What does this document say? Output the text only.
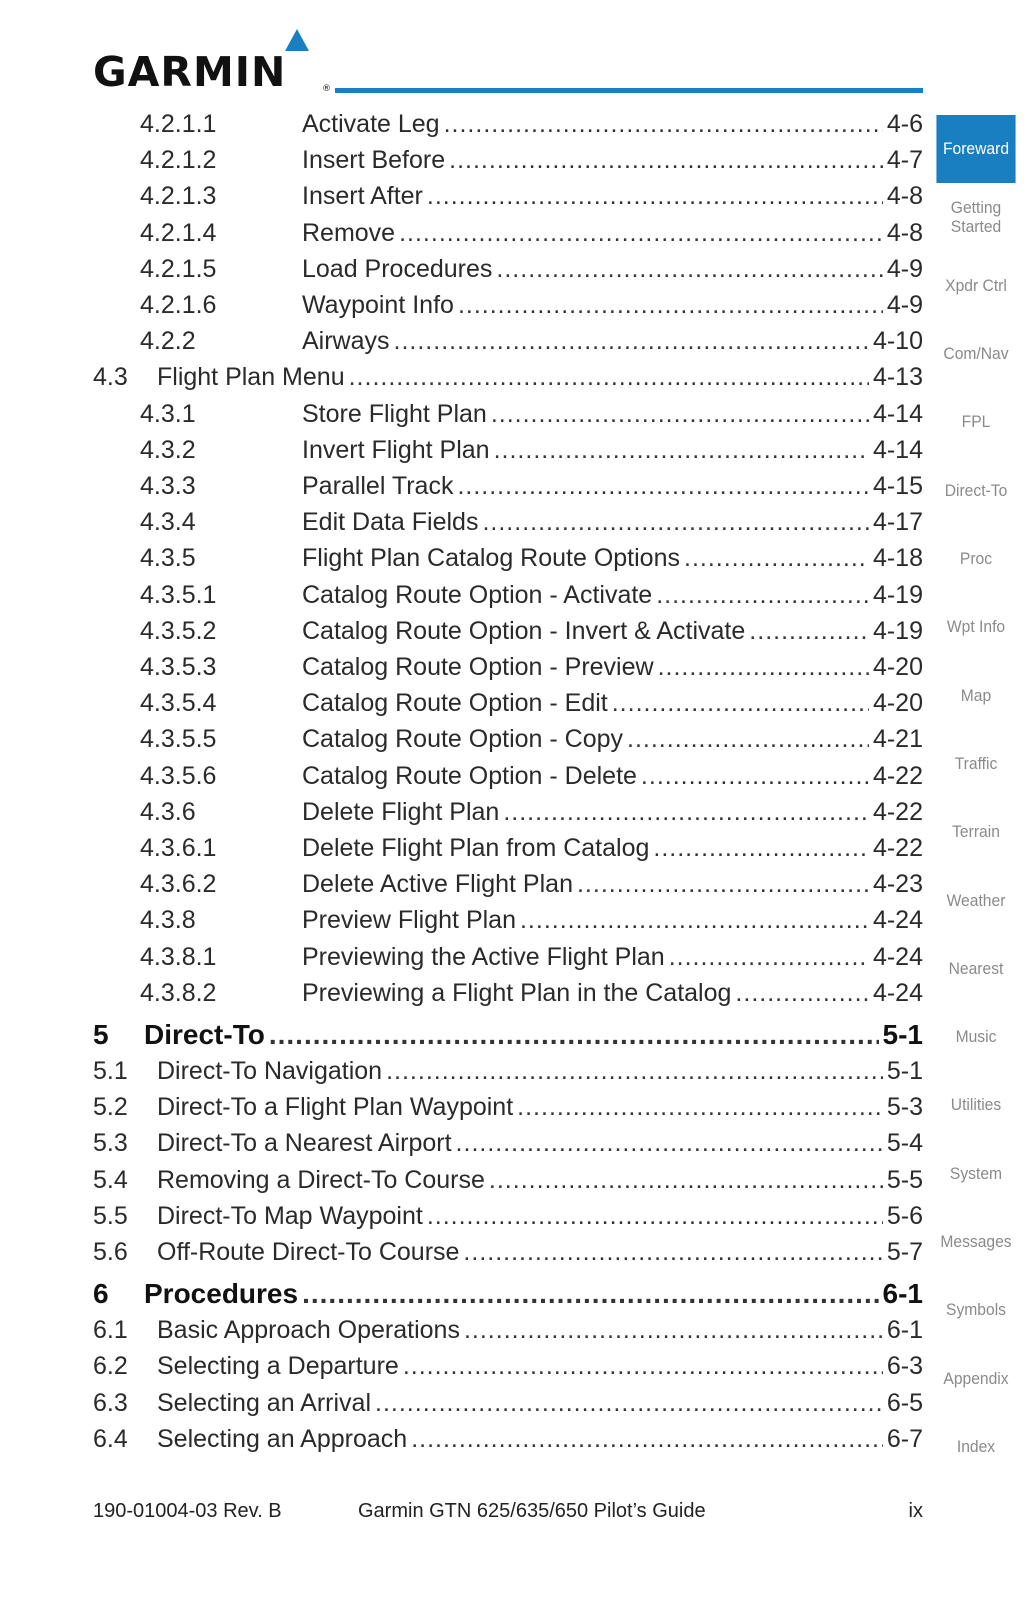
GARMIN	®
4.2.1.1	Activate Leg .....	4-6
4.2.1.2	Insert Before .....	4-7
4.2.1.3	Insert After .....	4-8
4.2.1.4	Remove .....	4-8
4.2.1.5	Load Procedures .....	4-9
4.2.1.6	Waypoint Info .....	4-9
4.2.2	Airways .....	4-10
4.3	Flight Plan Menu .....	4-13
4.3.1	Store Flight Plan .....	4-14
4.3.2	Invert Flight Plan .....	4-14
4.3.3	Parallel Track .....	4-15
4.3.4	Edit Data Fields .....	4-17
4.3.5	Flight Plan Catalog Route Options .....	4-18
4.3.5.1	Catalog Route Option - Activate .....	4-19
4.3.5.2	Catalog Route Option - Invert & Activate .....	4-19
4.3.5.3	Catalog Route Option - Preview .....	4-20
4.3.5.4	Catalog Route Option - Edit .....	4-20
4.3.5.5	Catalog Route Option - Copy .....	4-21
4.3.5.6	Catalog Route Option - Delete .....	4-22
4.3.6	Delete Flight Plan .....	4-22
4.3.6.1	Delete Flight Plan from Catalog .....	4-22
4.3.6.2	Delete Active Flight Plan .....	4-23
4.3.8	Preview Flight Plan .....	4-24
4.3.8.1	Previewing the Active Flight Plan .....	4-24
4.3.8.2	Previewing a Flight Plan in the Catalog .....	4-24
5	Direct-To .....	5-1
5.1	Direct-To Navigation .....	5-1
5.2	Direct-To a Flight Plan Waypoint .....	5-3
5.3	Direct-To a Nearest Airport .....	5-4
5.4	Removing a Direct-To Course .....	5-5
5.5	Direct-To Map Waypoint .....	5-6
5.6	Off-Route Direct-To Course .....	5-7
6	Procedures .....	6-1
6.1	Basic Approach Operations .....	6-1
6.2	Selecting a Departure .....	6-3
6.3	Selecting an Arrival .....	6-5
6.4	Selecting an Approach .....	6-7
Foreward
Getting Started
Xpdr Ctrl
Com/Nav
FPL
Direct-To
Proc
Wpt Info
Map
Traffic
Terrain
Weather
Nearest
Music
Utilities
System
Messages
Symbols
Appendix
Index
190-01004-03 Rev. B	Garmin GTN 625/635/650 Pilot’s Guide	ix
